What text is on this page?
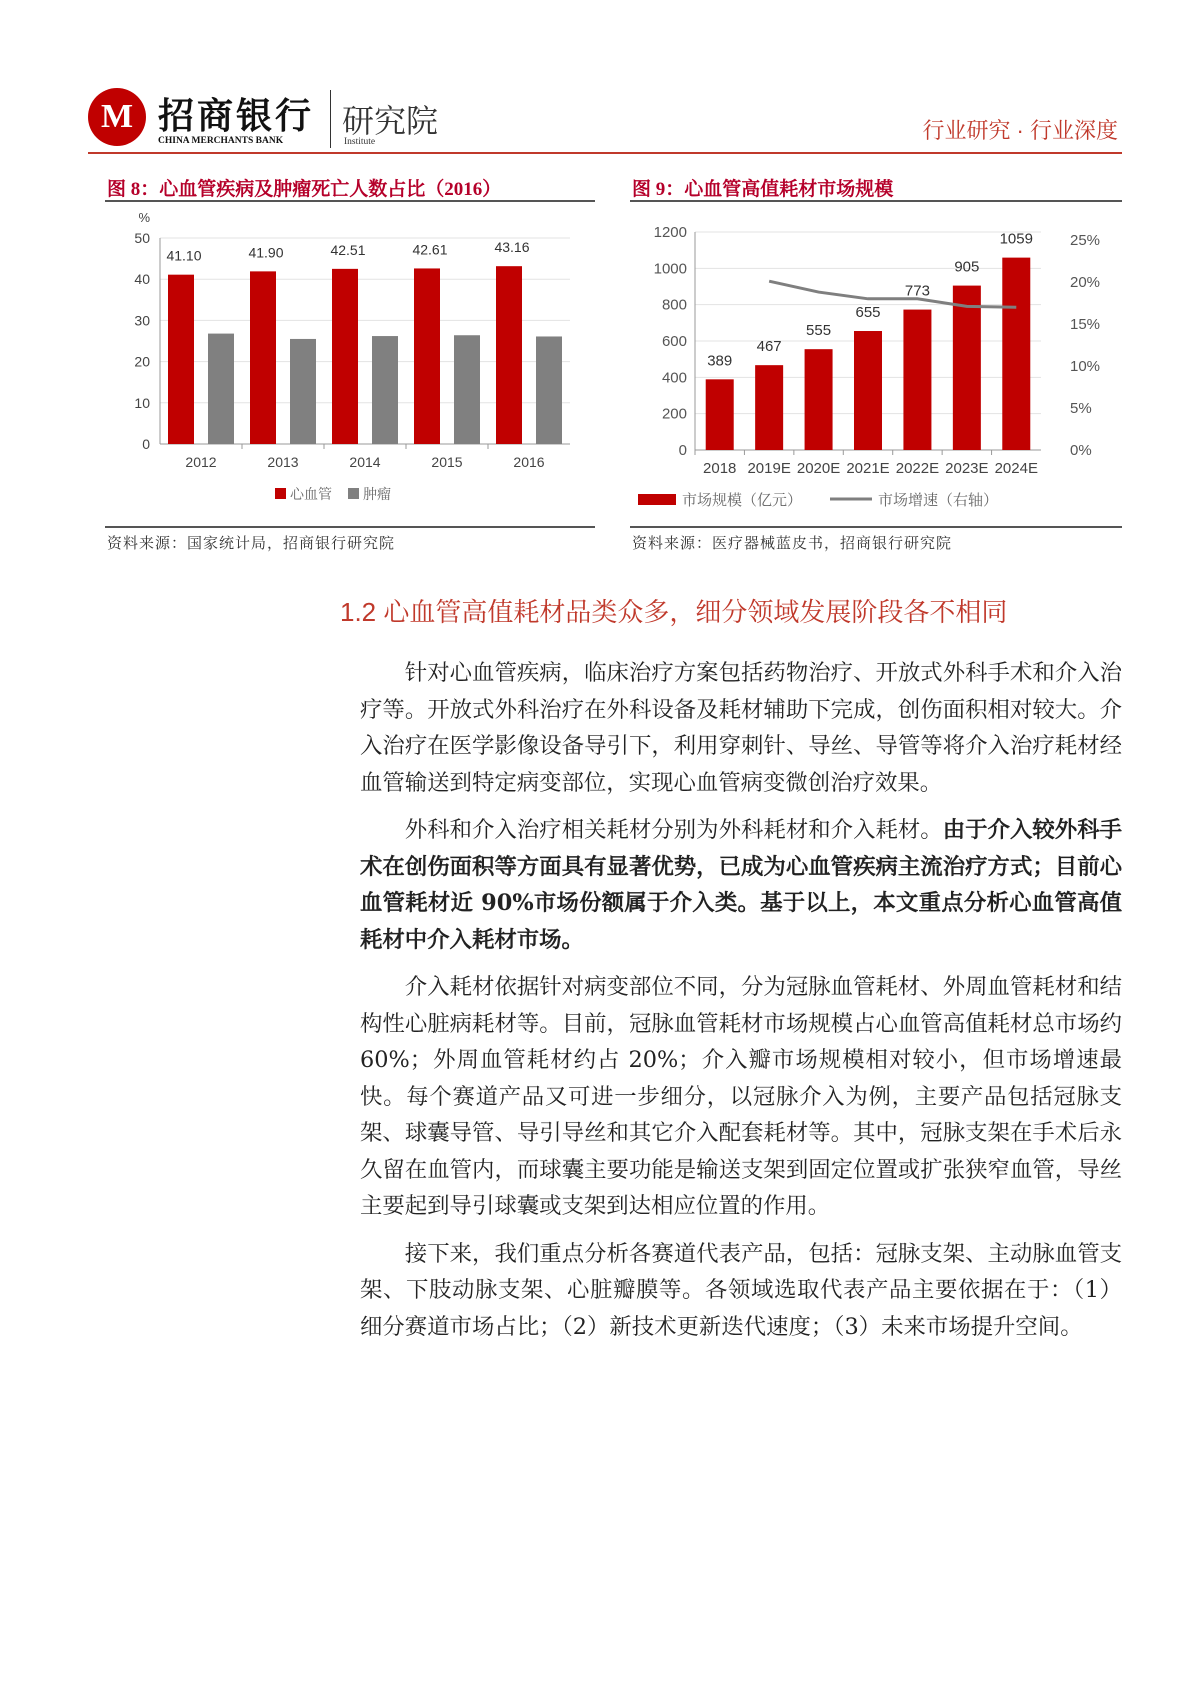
M 招商银行
CHINA MERCHANTS BANK
研究院
Institute	行业研究 · 行业深度
图 8：心血管疾病及肿瘤死亡人数占比（2016）
0
10
20
30
40
50
%
41.10
2012
41.90
2013
42.51
2014
42.61
2015
43.16
2016
心血管 肿瘤
资料来源：国家统计局，招商银行研究院
图 9：心血管高值耗材市场规模
0
200
400
600
800
1000
1200
0%
5%
10%
15%
20%
25%
389
2018
467
2019E
555
2020E
655
2021E
773
2022E
905
2023E
1059
2024E
市场规模（亿元）	市场增速（右轴）
资料来源：医疗器械蓝皮书，招商银行研究院
1.2 心血管高值耗材品类众多，细分领域发展阶段各不相同

针对心血管疾病，临床治疗方案包括药物治疗、开放式外科手术和介入治疗等。开放式外科治疗在外科设备及耗材辅助下完成，创伤面积相对较大。介入治疗在医学影像设备导引下，利用穿刺针、导丝、导管等将介入治疗耗材经血管输送到特定病变部位，实现心血管病变微创治疗效果。

外科和介入治疗相关耗材分别为外科耗材和介入耗材。由于介入较外科手术在创伤面积等方面具有显著优势，已成为心血管疾病主流治疗方式；目前心血管耗材近 90%市场份额属于介入类。基于以上，本文重点分析心血管高值耗材中介入耗材市场。

介入耗材依据针对病变部位不同，分为冠脉血管耗材、外周血管耗材和结构性心脏病耗材等。目前，冠脉血管耗材市场规模占心血管高值耗材总市场约 60%；外周血管耗材约占 20%；介入瓣市场规模相对较小，但市场增速最快。每个赛道产品又可进一步细分，以冠脉介入为例，主要产品包括冠脉支架、球囊导管、导引导丝和其它介入配套耗材等。其中，冠脉支架在手术后永久留在血管内，而球囊主要功能是输送支架到固定位置或扩张狭窄血管，导丝主要起到导引球囊或支架到达相应位置的作用。

接下来，我们重点分析各赛道代表产品，包括：冠脉支架、主动脉血管支架、下肢动脉支架、心脏瓣膜等。各领域选取代表产品主要依据在于：（1）细分赛道市场占比；（2）新技术更新迭代速度；（3）未来市场提升空间。
